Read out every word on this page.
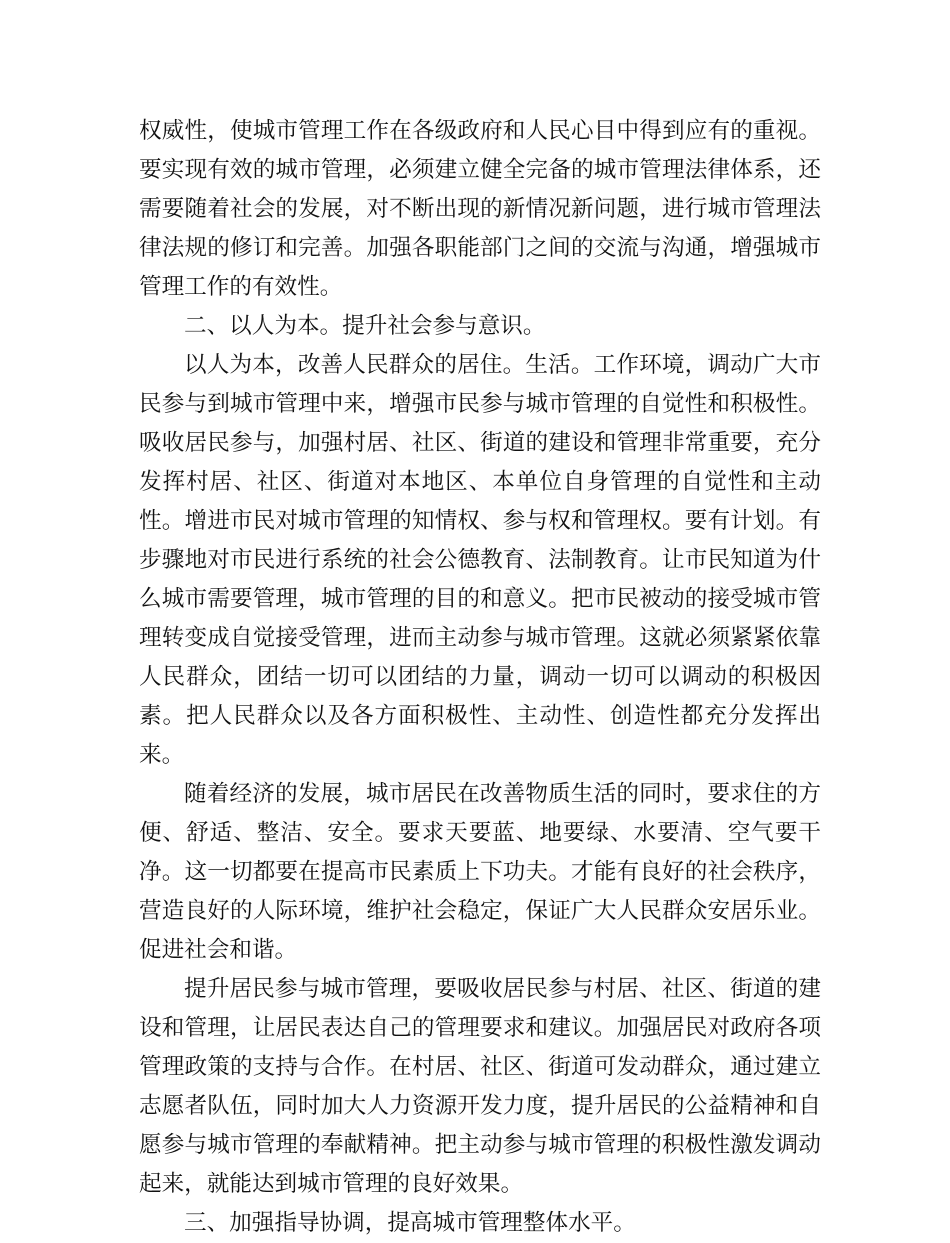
权威性，使城市管理工作在各级政府和人民心目中得到应有的重视。要实现有效的城市管理，必须建立健全完备的城市管理法律体系，还需要随着社会的发展，对不断出现的新情况新问题，进行城市管理法律法规的修订和完善。加强各职能部门之间的交流与沟通，增强城市管理工作的有效性。

二、以人为本。提升社会参与意识。

以人为本，改善人民群众的居住。生活。工作环境，调动广大市民参与到城市管理中来，增强市民参与城市管理的自觉性和积极性。吸收居民参与，加强村居、社区、街道的建设和管理非常重要，充分发挥村居、社区、街道对本地区、本单位自身管理的自觉性和主动性。增进市民对城市管理的知情权、参与权和管理权。要有计划。有步骤地对市民进行系统的社会公德教育、法制教育。让市民知道为什么城市需要管理，城市管理的目的和意义。把市民被动的接受城市管理转变成自觉接受管理，进而主动参与城市管理。这就必须紧紧依靠人民群众，团结一切可以团结的力量，调动一切可以调动的积极因素。把人民群众以及各方面积极性、主动性、创造性都充分发挥出来。

随着经济的发展，城市居民在改善物质生活的同时，要求住的方便、舒适、整洁、安全。要求天要蓝、地要绿、水要清、空气要干净。这一切都要在提高市民素质上下功夫。才能有良好的社会秩序，营造良好的人际环境，维护社会稳定，保证广大人民群众安居乐业。促进社会和谐。

提升居民参与城市管理，要吸收居民参与村居、社区、街道的建设和管理，让居民表达自己的管理要求和建议。加强居民对政府各项管理政策的支持与合作。在村居、社区、街道可发动群众，通过建立志愿者队伍，同时加大人力资源开发力度，提升居民的公益精神和自愿参与城市管理的奉献精神。把主动参与城市管理的积极性激发调动起来，就能达到城市管理的良好效果。

三、加强指导协调，提高城市管理整体水平。
